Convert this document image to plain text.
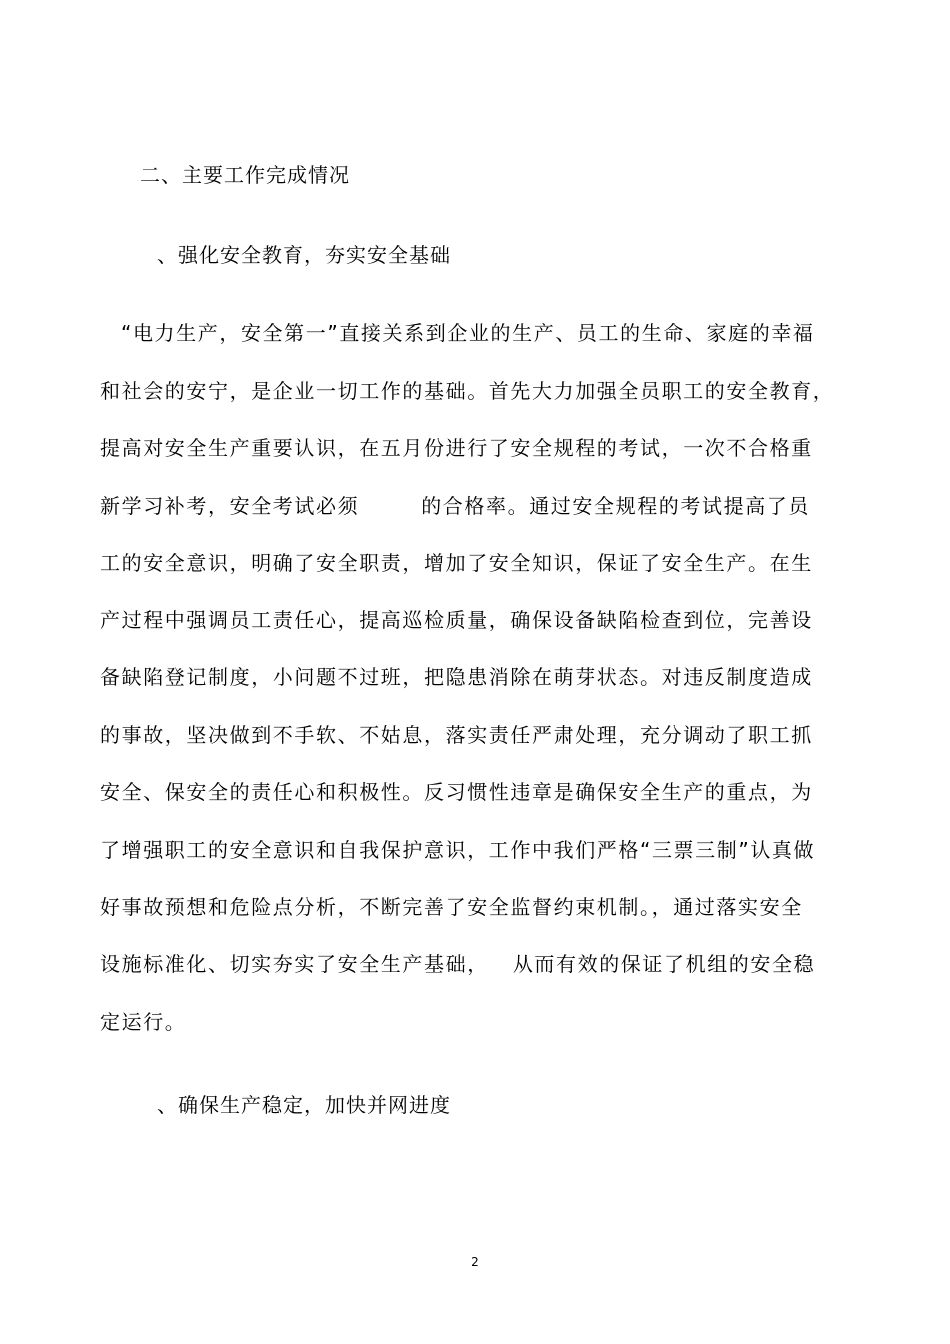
二、主要工作完成情况
、强化安全教育，夯实安全基础
“电力生产，安全第一”直接关系到企业的生产、员工的生命、家庭的幸福
和社会的安宁，是企业一切工作的基础。首先大力加强全员职工的安全教育，
提高对安全生产重要认识，在五月份进行了安全规程的考试，一次不合格重
新学习补考，安全考试必须	的合格率。通过安全规程的考试提高了员
工的安全意识，明确了安全职责，增加了安全知识，保证了安全生产。在生
产过程中强调员工责任心，提高巡检质量，确保设备缺陷检查到位，完善设
备缺陷登记制度，小问题不过班，把隐患消除在萌芽状态。对违反制度造成
的事故，坚决做到不手软、不姑息，落实责任严肃处理，充分调动了职工抓
安全、保安全的责任心和积极性。反习惯性违章是确保安全生产的重点，为
了增强职工的安全意识和自我保护意识，工作中我们严格“三票三制”认真做
好事故预想和危险点分析，不断完善了安全监督约束机制。，通过落实安全
设施标准化、切实夯实了安全生产基础， 从而有效的保证了机组的安全稳
定运行。
、确保生产稳定，加快并网进度
2
